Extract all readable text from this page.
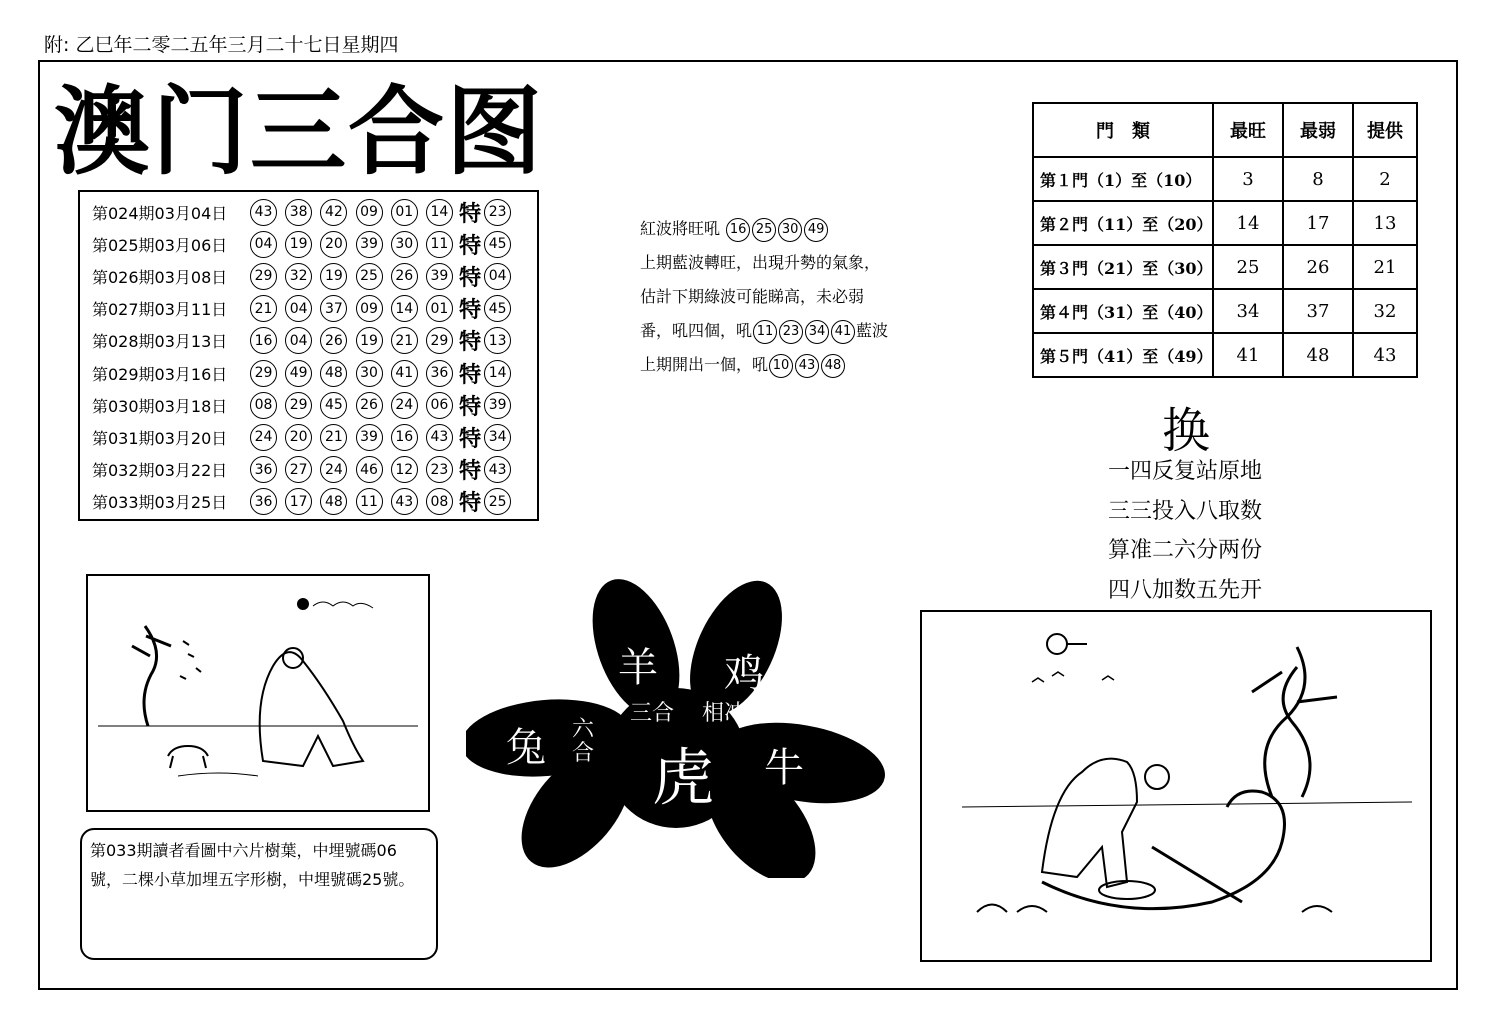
附: 乙巳年二零二五年三月二十七日星期四
澳门三合图
第024期03月04日	43	38	42	09	01	14 特 23
第025期03月06日	04	19	20	39	30	11 特 45
第026期03月08日	29	32	19	25	26	39 特 04
第027期03月11日	21	04	37	09	14	01 特 45
第028期03月13日	16	04	26	19	21	29 特 13
第029期03月16日	29	49	48	30	41	36 特 14
第030期03月18日	08	29	45	26	24	06 特 39
第031期03月20日	24	20	21	39	16	43 特 34
第032期03月22日	36	27	24	46	12	23 特 43
第033期03月25日	36	17	48	11	43	08 特 25
紅波將旺吼 16 25 30 49
上期藍波轉旺，出現升勢的氣象，
估計下期綠波可能睇高，未必弱
番，吼四個，吼 11 23 34 41 藍波
上期開出一個，吼 10 43 48
門　類	最旺	最弱	提供
第１門（1）至（10）	3	8	2
第２門（11）至（20）	14	17	13
第３門（21）至（30）	25	26	21
第４門（31）至（40）	34	37	32
第５門（41）至（49）	41	48	43
换
一四反复站原地
三三投入八取数
算准二六分两份
四八加数五先开
第033期讀者看圖中六片樹葉，中埋號碼06號，二棵小草加埋五字形樹，中埋號碼25號。
羊 鸡
三合 相冲
兔 六合 虎 牛
